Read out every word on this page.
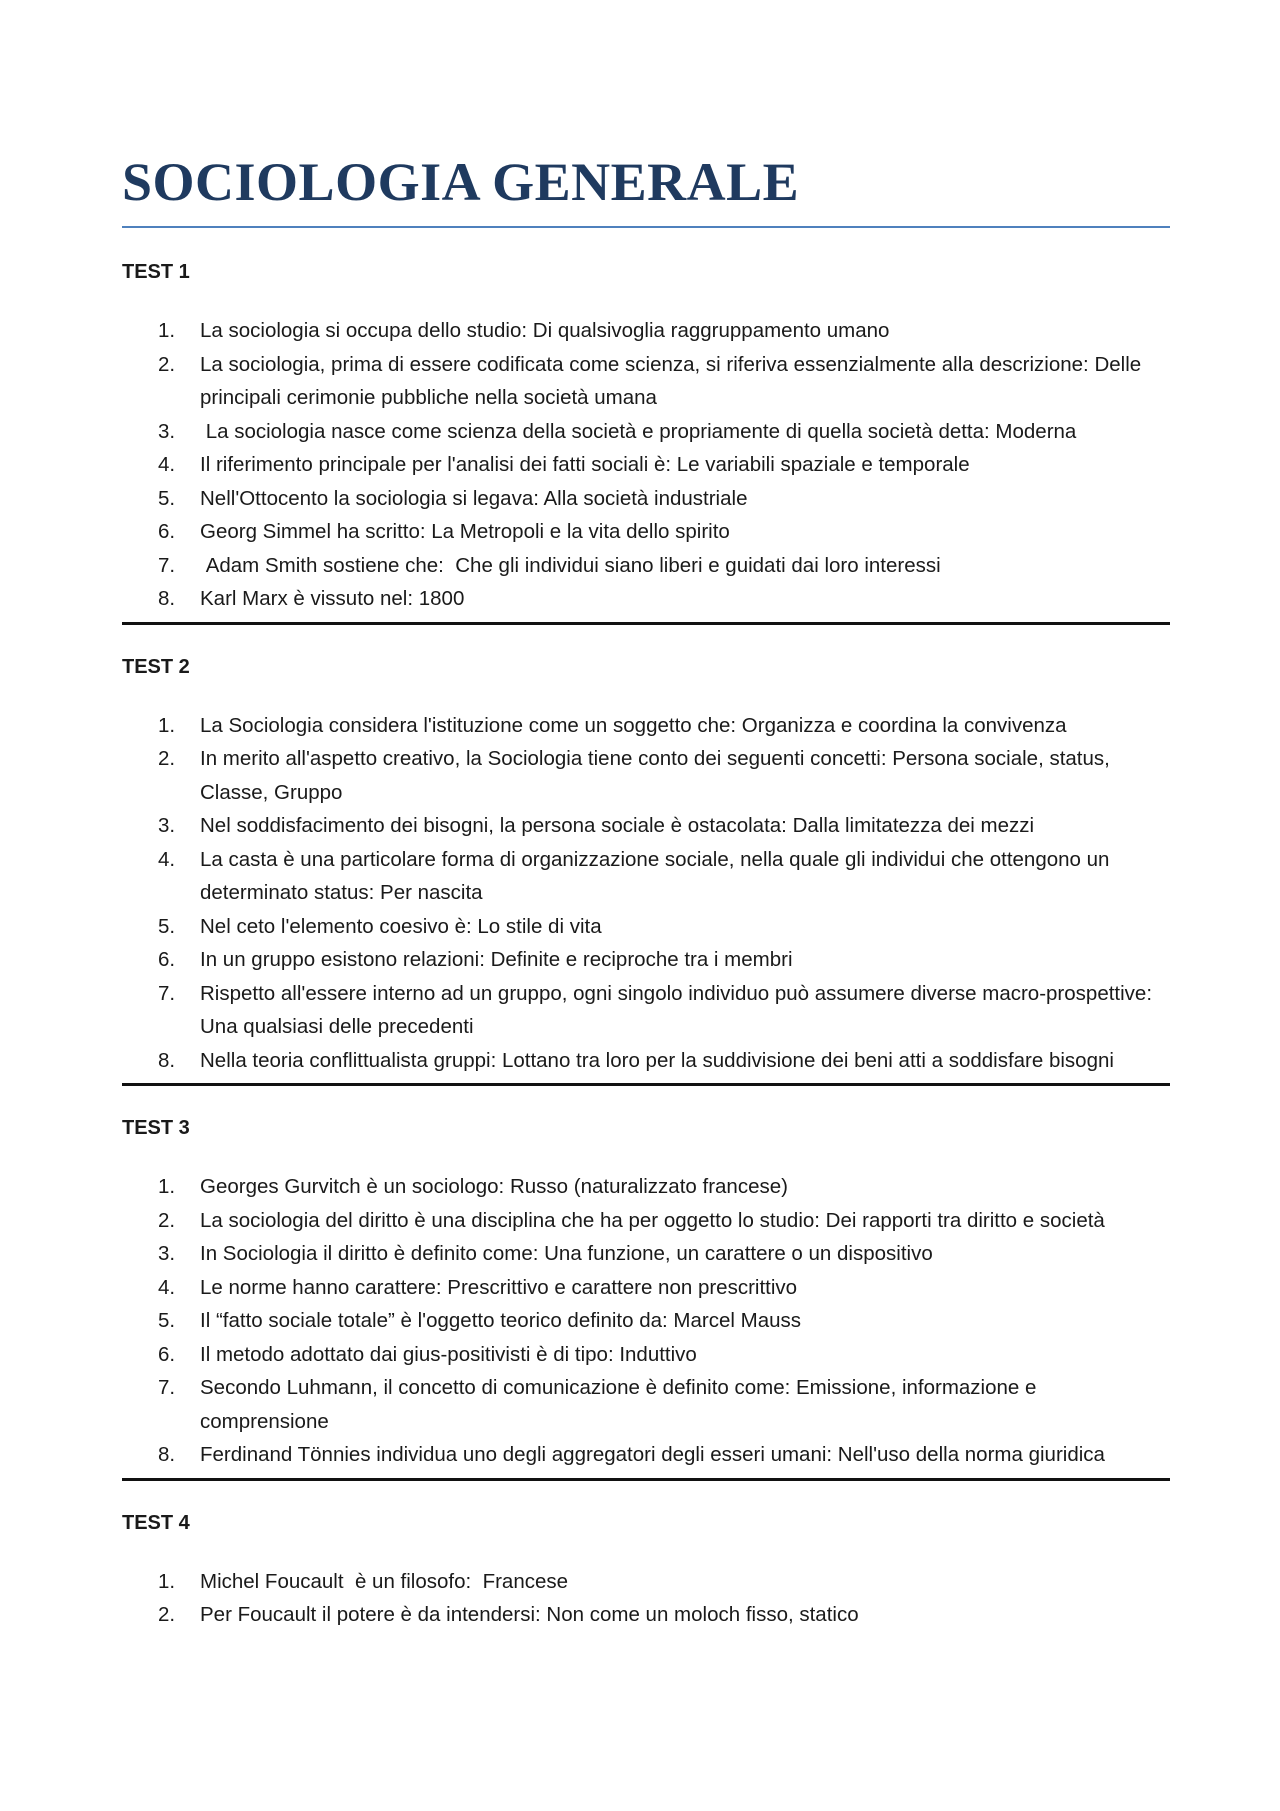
SOCIOLOGIA GENERALE
TEST 1
1.	La sociologia si occupa dello studio: Di qualsivoglia raggruppamento umano
2.	La sociologia, prima di essere codificata come scienza, si riferiva essenzialmente alla descrizione: Delle principali cerimonie pubbliche nella società umana
3.	La sociologia nasce come scienza della società e propriamente di quella società detta: Moderna
4.	Il riferimento principale per l'analisi dei fatti sociali è: Le variabili spaziale e temporale
5.	Nell'Ottocento la sociologia si legava: Alla società industriale
6.	Georg Simmel ha scritto: La Metropoli e la vita dello spirito
7.	Adam Smith sostiene che:  Che gli individui siano liberi e guidati dai loro interessi
8.	Karl Marx è vissuto nel: 1800
TEST 2
1.	La Sociologia considera l'istituzione come un soggetto che: Organizza e coordina la convivenza
2.	In merito all'aspetto creativo, la Sociologia tiene conto dei seguenti concetti: Persona sociale, status, Classe, Gruppo
3.	Nel soddisfacimento dei bisogni, la persona sociale è ostacolata: Dalla limitatezza dei mezzi
4.	La casta è una particolare forma di organizzazione sociale, nella quale gli individui che ottengono un determinato status: Per nascita
5.	Nel ceto l'elemento coesivo è: Lo stile di vita
6.	In un gruppo esistono relazioni: Definite e reciproche tra i membri
7.	Rispetto all'essere interno ad un gruppo, ogni singolo individuo può assumere diverse macro-prospettive: Una qualsiasi delle precedenti
8.	Nella teoria conflittualista gruppi: Lottano tra loro per la suddivisione dei beni atti a soddisfare bisogni
TEST 3
1.	Georges Gurvitch è un sociologo: Russo (naturalizzato francese)
2.	La sociologia del diritto è una disciplina che ha per oggetto lo studio: Dei rapporti tra diritto e società
3.	In Sociologia il diritto è definito come: Una funzione, un carattere o un dispositivo
4.	Le norme hanno carattere: Prescrittivo e carattere non prescrittivo
5.	Il “fatto sociale totale” è l'oggetto teorico definito da: Marcel Mauss
6.	Il metodo adottato dai gius-positivisti è di tipo: Induttivo
7.	Secondo Luhmann, il concetto di comunicazione è definito come: Emissione, informazione e comprensione
8.	Ferdinand Tönnies individua uno degli aggregatori degli esseri umani: Nell'uso della norma giuridica
TEST 4
1.	Michel Foucault  è un filosofo:  Francese
2.	Per Foucault il potere è da intendersi: Non come un moloch fisso, statico
